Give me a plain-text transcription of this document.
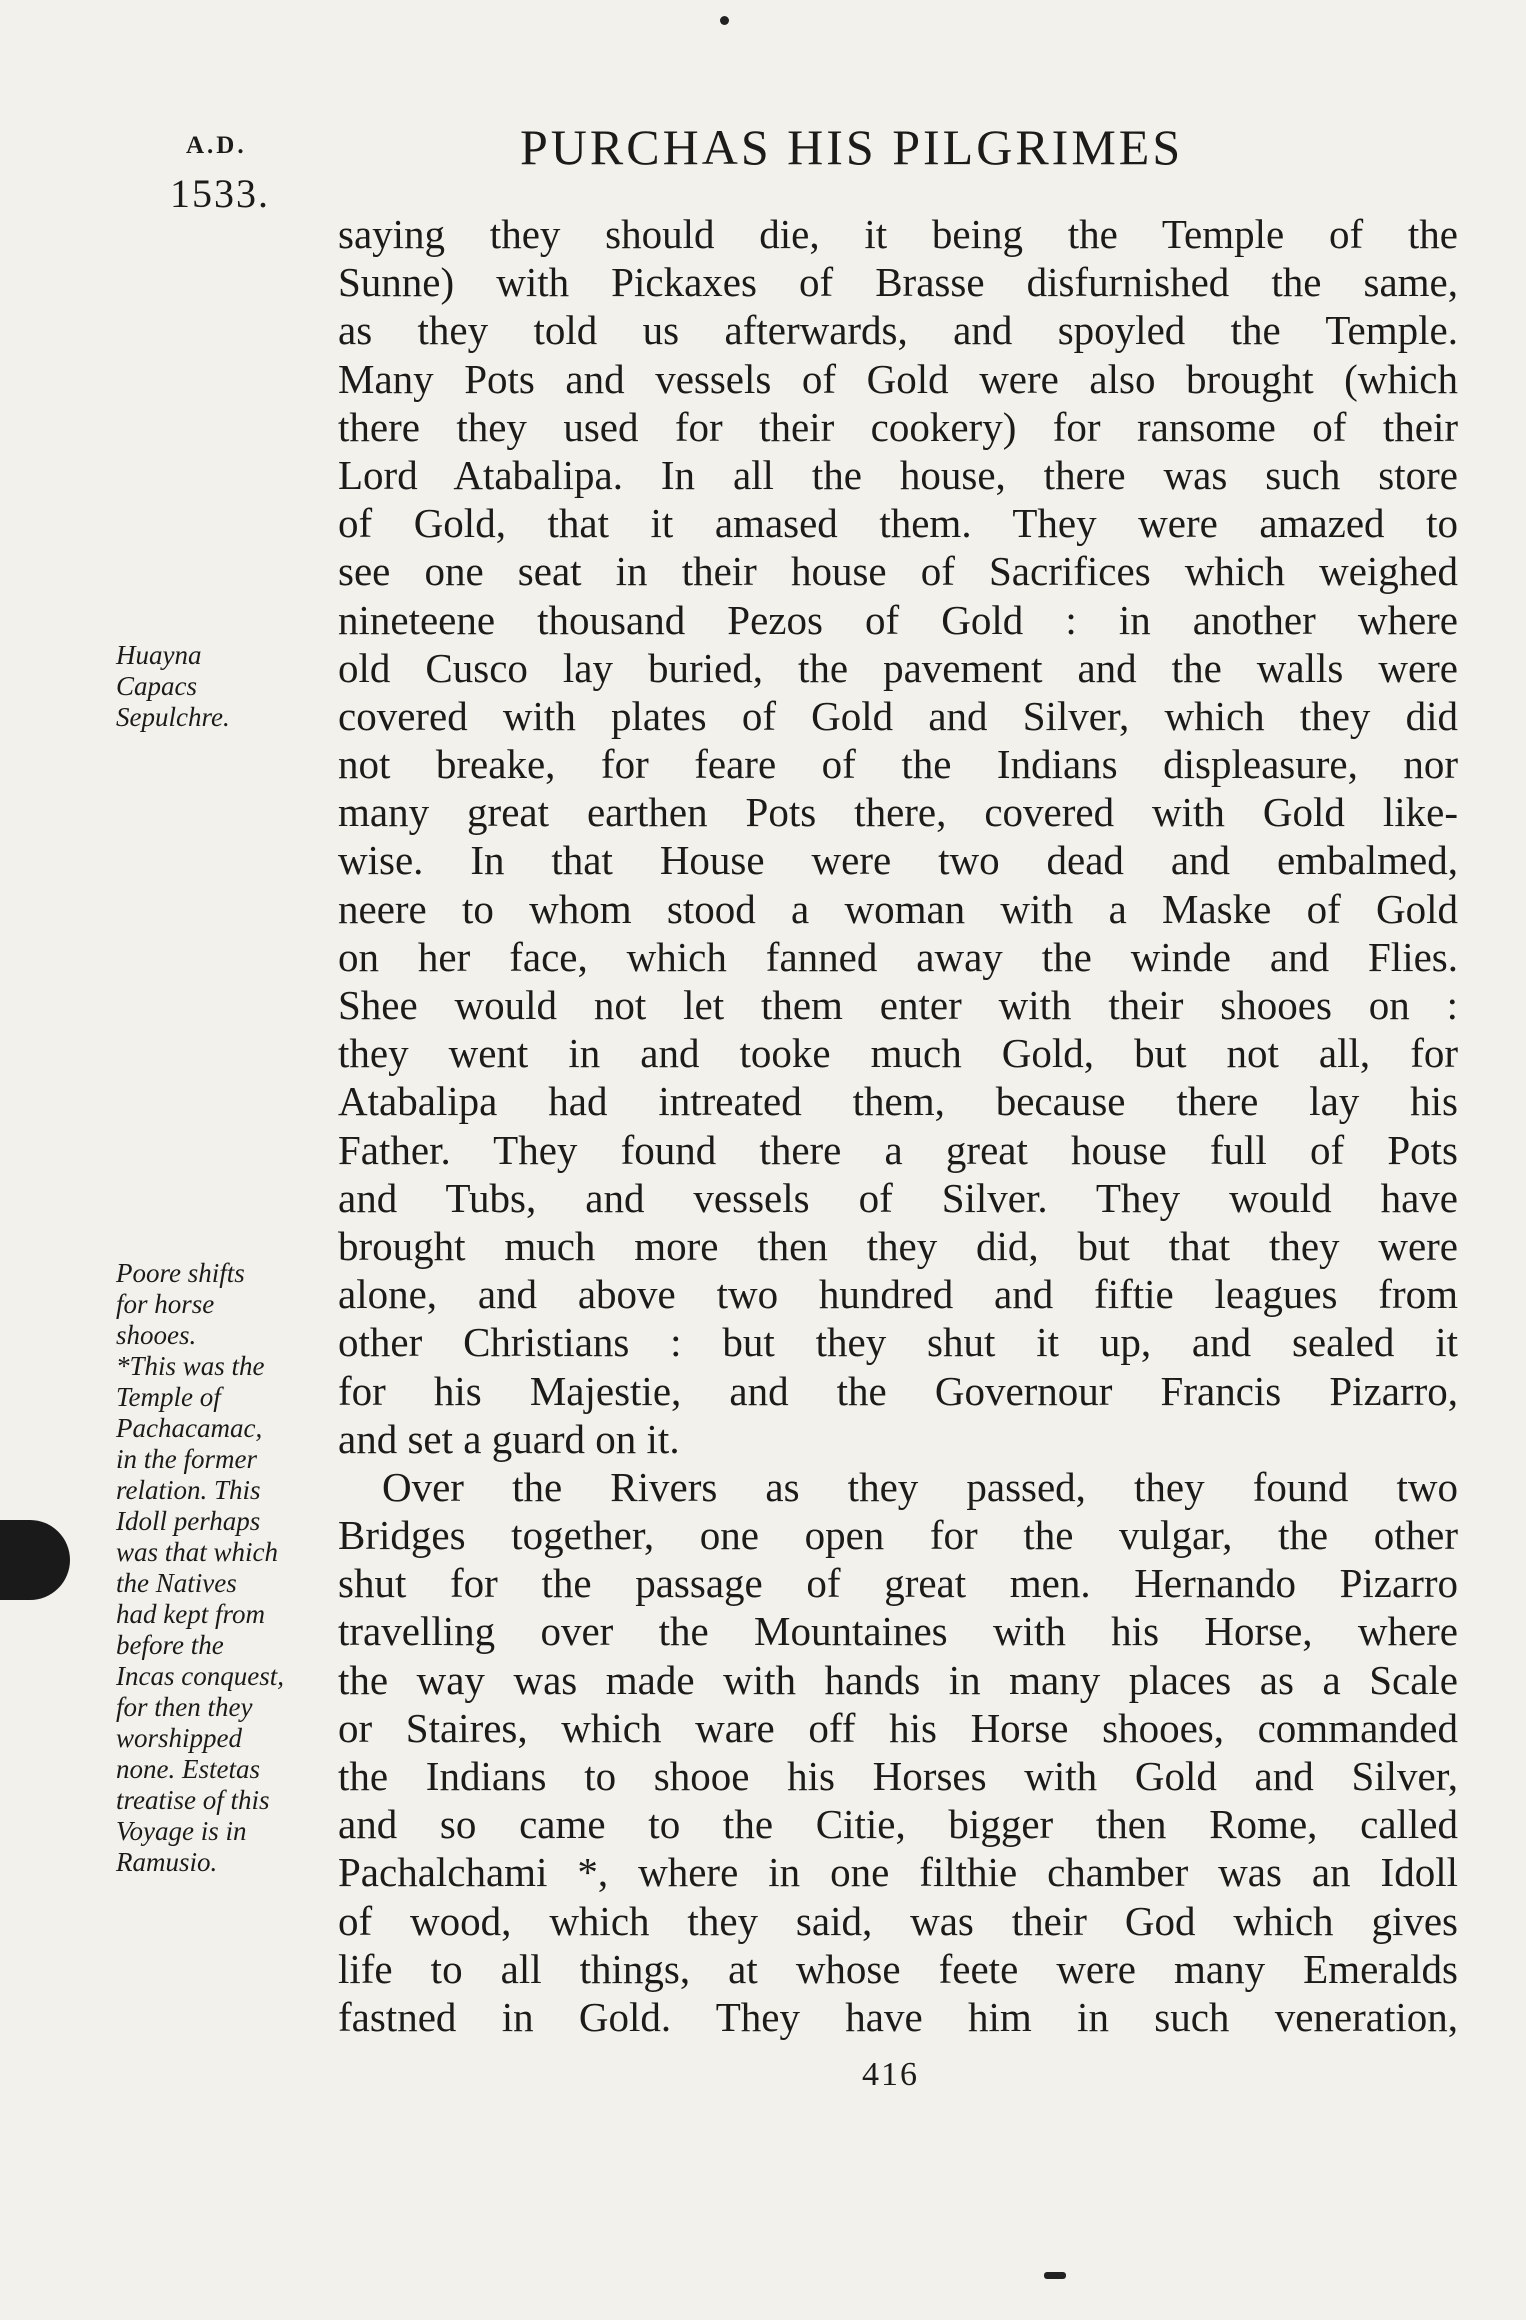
A.D.
1533.
PURCHAS HIS PILGRIMES
saying they should die, it being the Temple of the
Sunne) with Pickaxes of Brasse disfurnished the same,
as they told us afterwards, and spoyled the Temple.
Many Pots and vessels of Gold were also brought (which
there they used for their cookery) for ransome of their
Lord Atabalipa. In all the house, there was such store
of Gold, that it amased them. They were amazed to
see one seat in their house of Sacrifices which weighed
nineteene thousand Pezos of Gold : in another where
old Cusco lay buried, the pavement and the walls were
covered with plates of Gold and Silver, which they did
not breake, for feare of the Indians displeasure, nor
many great earthen Pots there, covered with Gold like-
wise. In that House were two dead and embalmed,
neere to whom stood a woman with a Maske of Gold
on her face, which fanned away the winde and Flies.
Shee would not let them enter with their shooes on :
they went in and tooke much Gold, but not all, for
Atabalipa had intreated them, because there lay his
Father. They found there a great house full of Pots
and Tubs, and vessels of Silver. They would have
brought much more then they did, but that they were
alone, and above two hundred and fiftie leagues from
other Christians : but they shut it up, and sealed it
for his Majestie, and the Governour Francis Pizarro,
and set a guard on it.
Over the Rivers as they passed, they found two
Bridges together, one open for the vulgar, the other
shut for the passage of great men. Hernando Pizarro
travelling over the Mountaines with his Horse, where
the way was made with hands in many places as a Scale
or Staires, which ware off his Horse shooes, commanded
the Indians to shooe his Horses with Gold and Silver,
and so came to the Citie, bigger then Rome, called
Pachalchami *, where in one filthie chamber was an Idoll
of wood, which they said, was their God which gives
life to all things, at whose feete were many Emeralds
fastned in Gold. They have him in such veneration,
Huayna
Capacs
Sepulchre.
Poore shifts
for horse
shooes.
*This was the
Temple of
Pachacamac,
in the former
relation. This
Idoll perhaps
was that which
the Natives
had kept from
before the
Incas conquest,
for then they
worshipped
none. Estetas
treatise of this
Voyage is in
Ramusio.
416
